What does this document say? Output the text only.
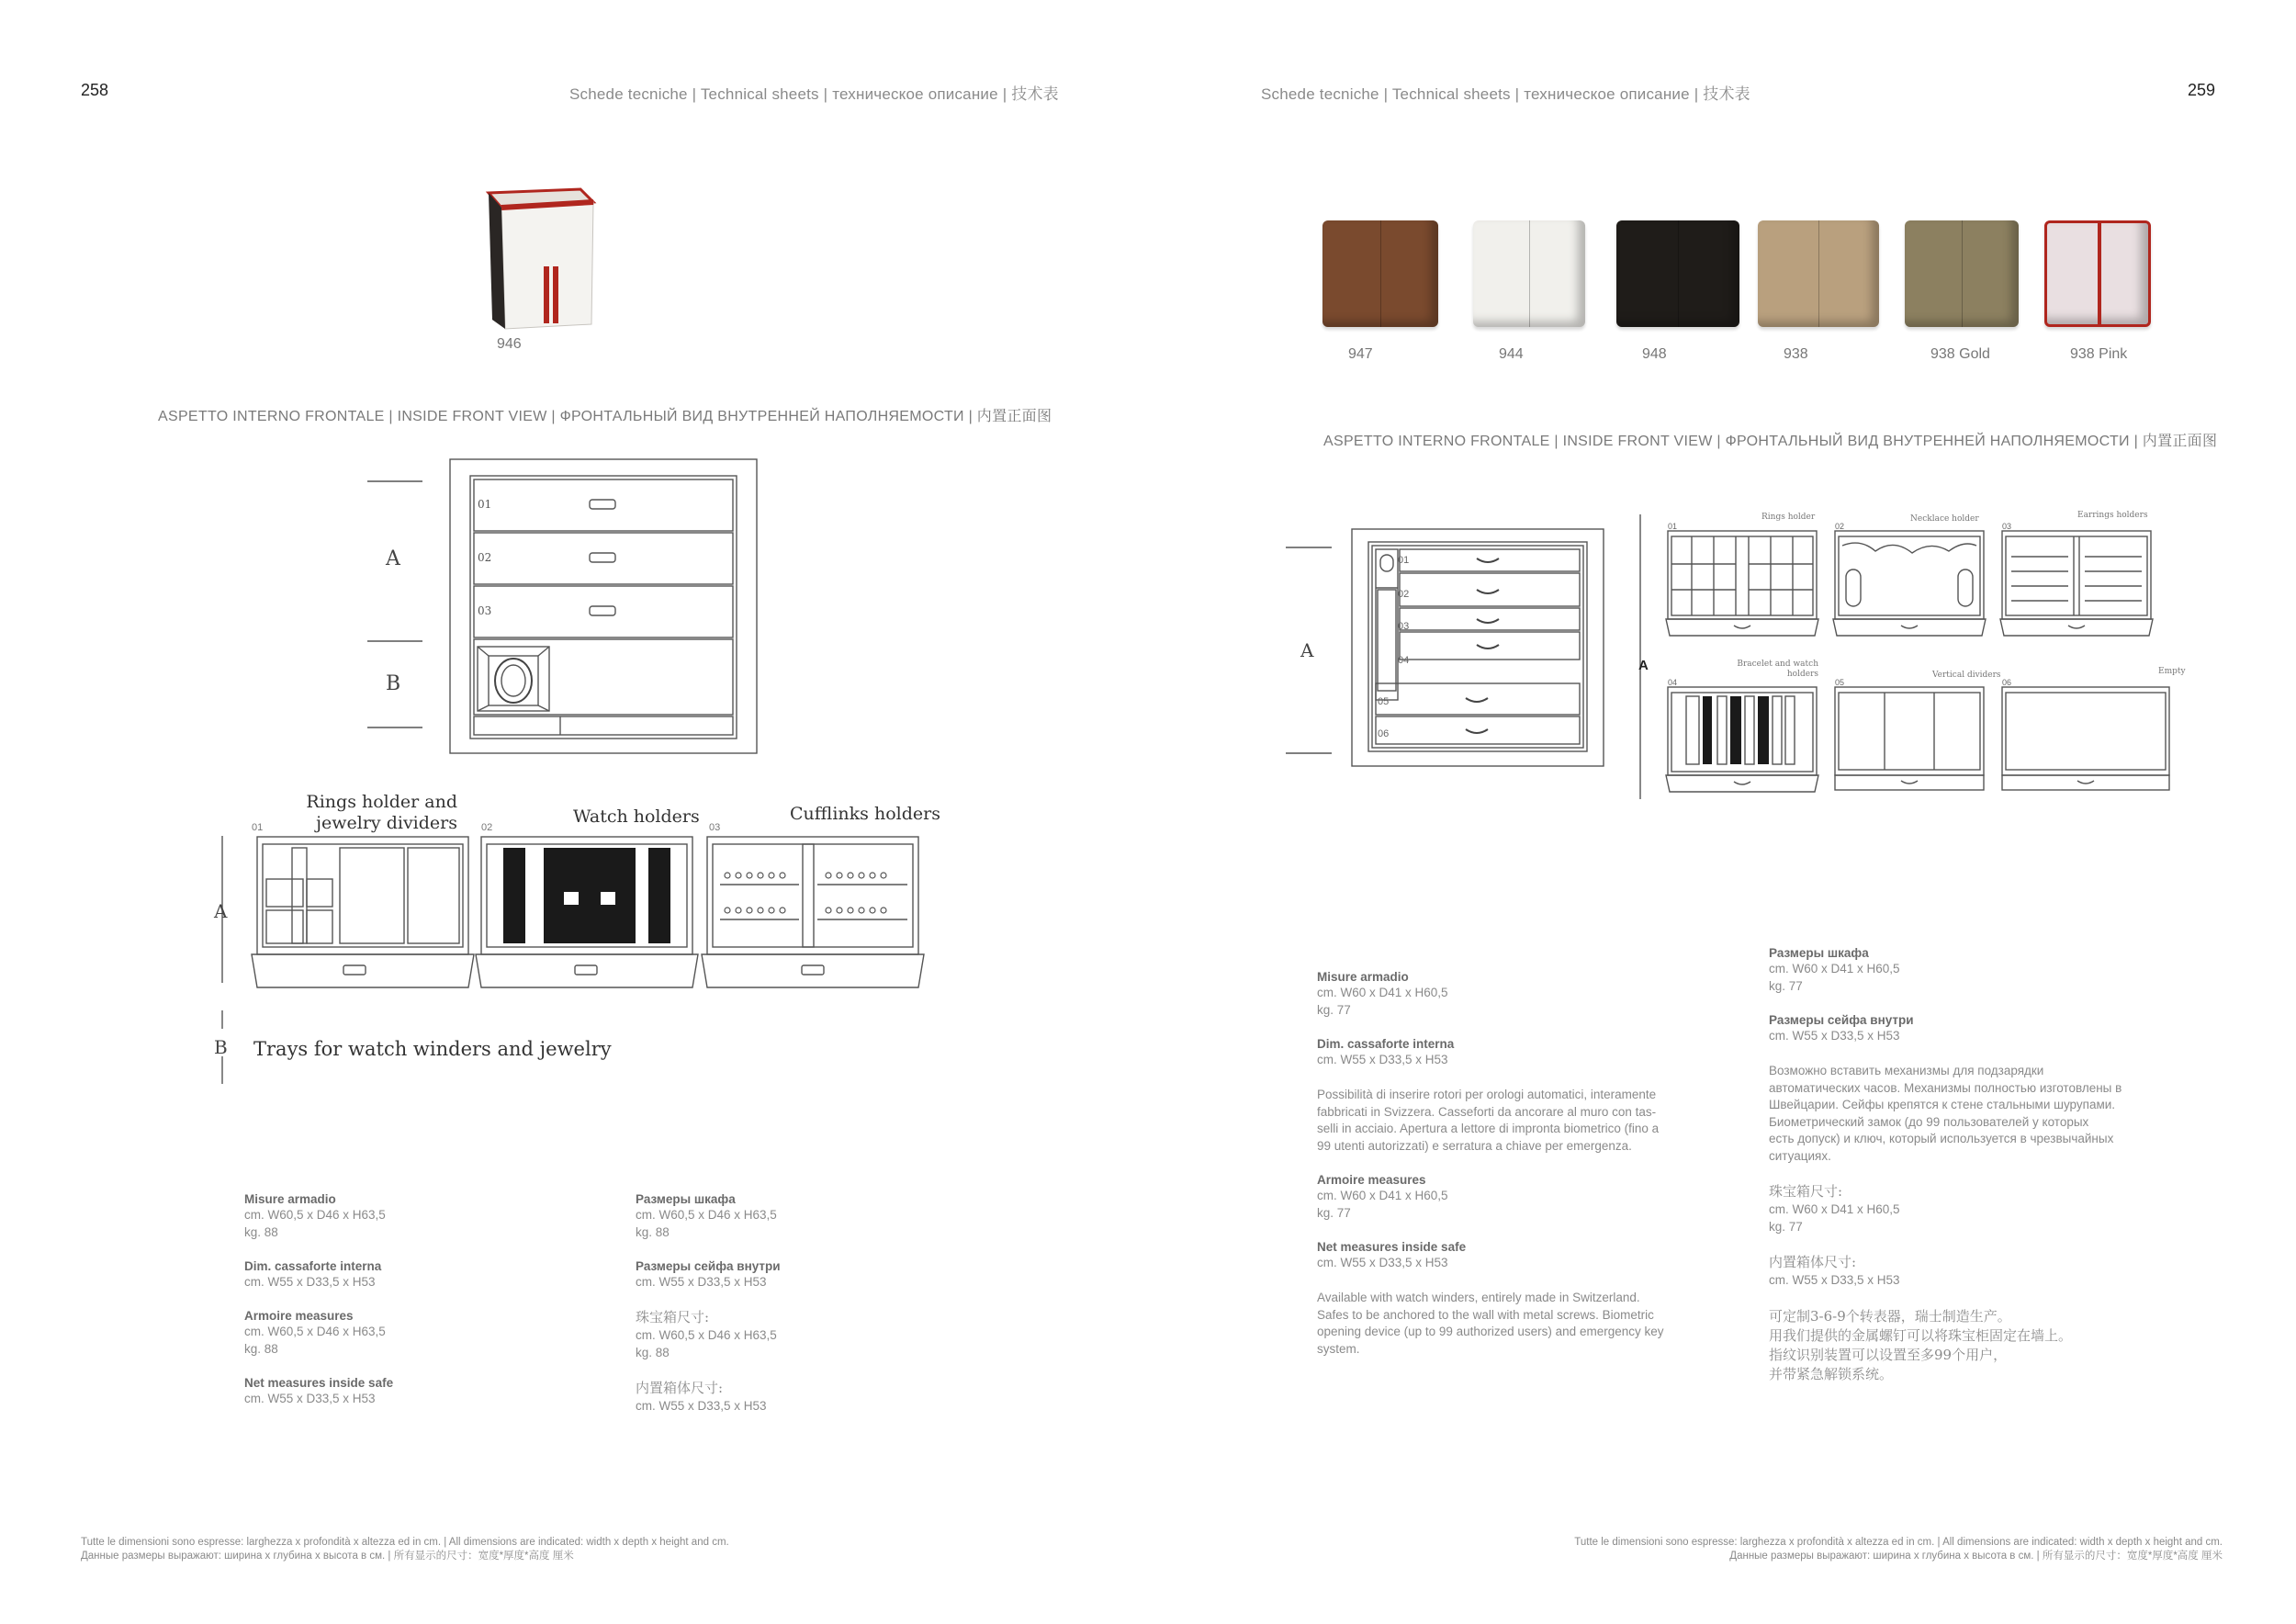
258	Schede tecniche | Technical sheets | техническое описание | 技术表
946
ASPETTO INTERNO FRONTALE | INSIDE FRONT VIEW | ФРОНТАЛЬНЫЙ ВИД ВНУТРЕННЕЙ НАПОЛНЯЕМОСТИ | 内置正面图
01
02
03
A
B
Rings holder and jewelry dividers	Watch holders	Cufflinks holders
01	02	03
A
B Trays for watch winders and jewelry
Misure armadio
cm. W60,5 x D46 x H63,5
kg. 88
Dim. cassaforte interna
cm. W55 x D33,5 x H53
Armoire measures
cm. W60,5 x D46 x H63,5
kg. 88
Net measures inside safe
cm. W55 x D33,5 x H53
Размеры шкафа
cm. W60,5 x D46 x H63,5
kg. 88
Размеры сейфа внутри
cm. W55 x D33,5 x H53
珠宝箱尺寸:
cm. W60,5 x D46 x H63,5
kg. 88
内置箱体尺寸:
cm. W55 x D33,5 x H53
Tutte le dimensioni sono espresse: larghezza x profondità x altezza ed in cm. | All dimensions are indicated: width x depth x height and cm.
Данные размеры выражают: ширина x глубина x высота в см. | 所有显示的尺寸：宽度*厚度*高度 厘米
Schede tecniche | Technical sheets | техническое описание | 技术表	259
947	944	948	938	938 Gold	938 Pink
ASPETTO INTERNO FRONTALE | INSIDE FRONT VIEW | ФРОНТАЛЬНЫЙ ВИД ВНУТРЕННЕЙ НАПОЛНЯЕМОСТИ | 内置正面图
01
02
03
04
05
06
A
01	02	03
04	05	06
Rings holder	Necklace holder	Earrings holders
Bracelet and watch holders	Vertical dividers	Empty
A
Misure armadio
cm. W60 x D41 x H60,5
kg. 77
Dim. cassaforte interna
cm. W55 x D33,5 x H53
Possibilità di inserire rotori per orologi automatici, interamente
fabbricati in Svizzera. Casseforti da ancorare al muro con tas-
selli in acciaio. Apertura a lettore di impronta biometrico (fino a
99 utenti autorizzati) e serratura a chiave per emergenza.
Armoire measures
cm. W60 x D41 x H60,5
kg. 77
Net measures inside safe
cm. W55 x D33,5 x H53
Available with watch winders, entirely made in Switzerland.
Safes to be anchored to the wall with metal screws. Biometric
opening device (up to 99 authorized users) and emergency key
system.
Размеры шкафа
cm. W60 x D41 x H60,5
kg. 77
Размеры сейфа внутри
cm. W55 x D33,5 x H53
Возможно вставить механизмы для подзарядки
автоматических часов. Механизмы полностью изготовлены в
Швейцарии. Сейфы крепятся к стене стальными шурупами.
Биометрический замок (до 99 пользователей у которых
есть допуск) и ключ, который используется в чрезвычайных
ситуациях.
珠宝箱尺寸:
cm. W60 x D41 x H60,5
kg. 77
内置箱体尺寸:
cm. W55 x D33,5 x H53
可定制3-6-9个转表器，瑞士制造生产。
用我们提供的金属螺钉可以将珠宝柜固定在墙上。
指纹识别装置可以设置至多99个用户，
并带紧急解锁系统。
Tutte le dimensioni sono espresse: larghezza x profondità x altezza ed in cm. | All dimensions are indicated: width x depth x height and cm.
Данные размеры выражают: ширина x глубина x высота в см. | 所有显示的尺寸：宽度*厚度*高度 厘米
